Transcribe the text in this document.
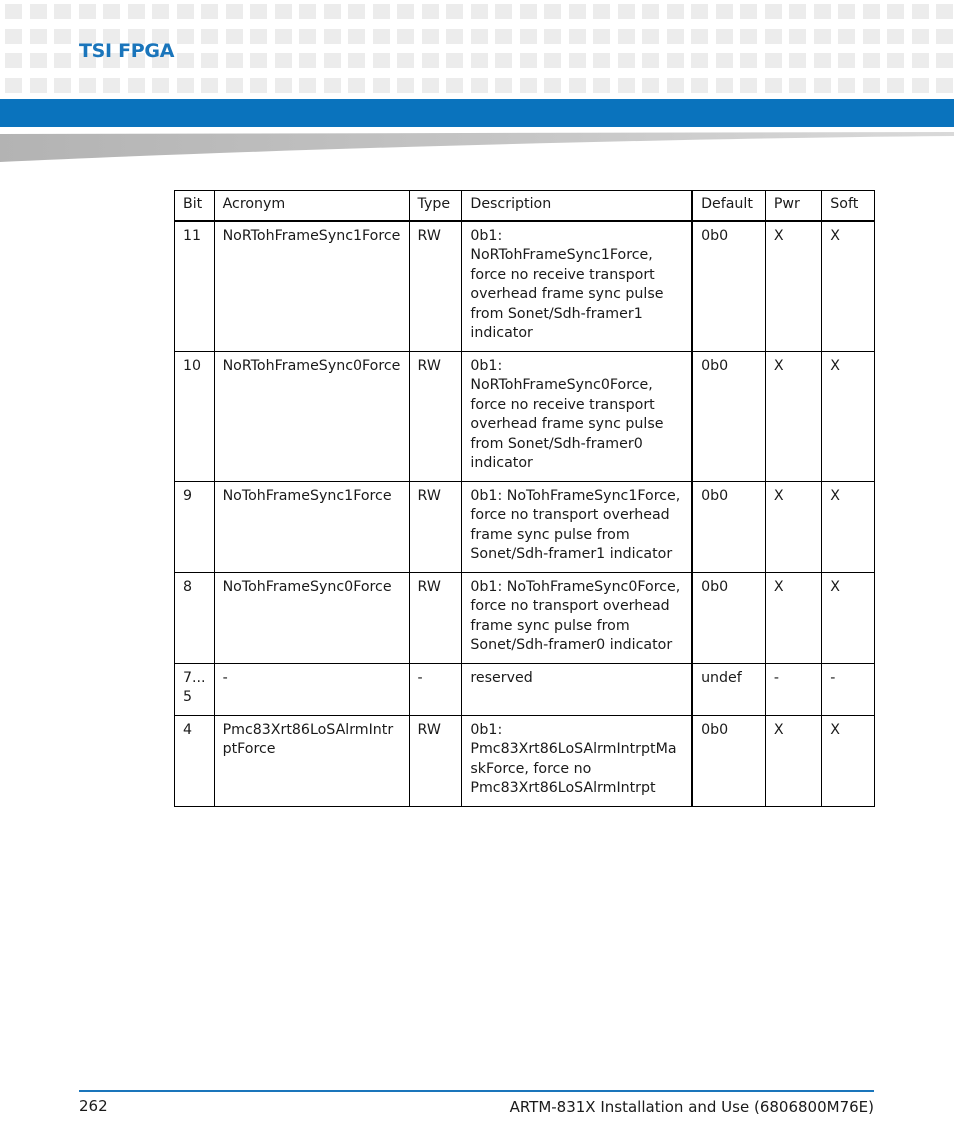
TSI FPGA
Bit	Acronym	Type	Description	Default	Pwr	Soft
11	NoRTohFrameSync1Force	RW	0b1: NoRTohFrameSync1Force, force no receive transport overhead frame sync pulse from Sonet/Sdh-framer1 indicator	0b0	X	X
10	NoRTohFrameSync0Force	RW	0b1: NoRTohFrameSync0Force, force no receive transport overhead frame sync pulse from Sonet/Sdh-framer0 indicator	0b0	X	X
9	NoTohFrameSync1Force	RW	0b1: NoTohFrameSync1Force, force no transport overhead frame sync pulse from Sonet/Sdh-framer1 indicator	0b0	X	X
8	NoTohFrameSync0Force	RW	0b1: NoTohFrameSync0Force, force no transport overhead frame sync pulse from Sonet/Sdh-framer0 indicator	0b0	X	X
7...5	-	-	reserved	undef	-	-
4	Pmc83Xrt86LoSAlrmIntrptForce	RW	0b1: Pmc83Xrt86LoSAlrmIntrptMaskForce, force no Pmc83Xrt86LoSAlrmIntrpt	0b0	X	X
262	ARTM-831X Installation and Use (6806800M76E)
